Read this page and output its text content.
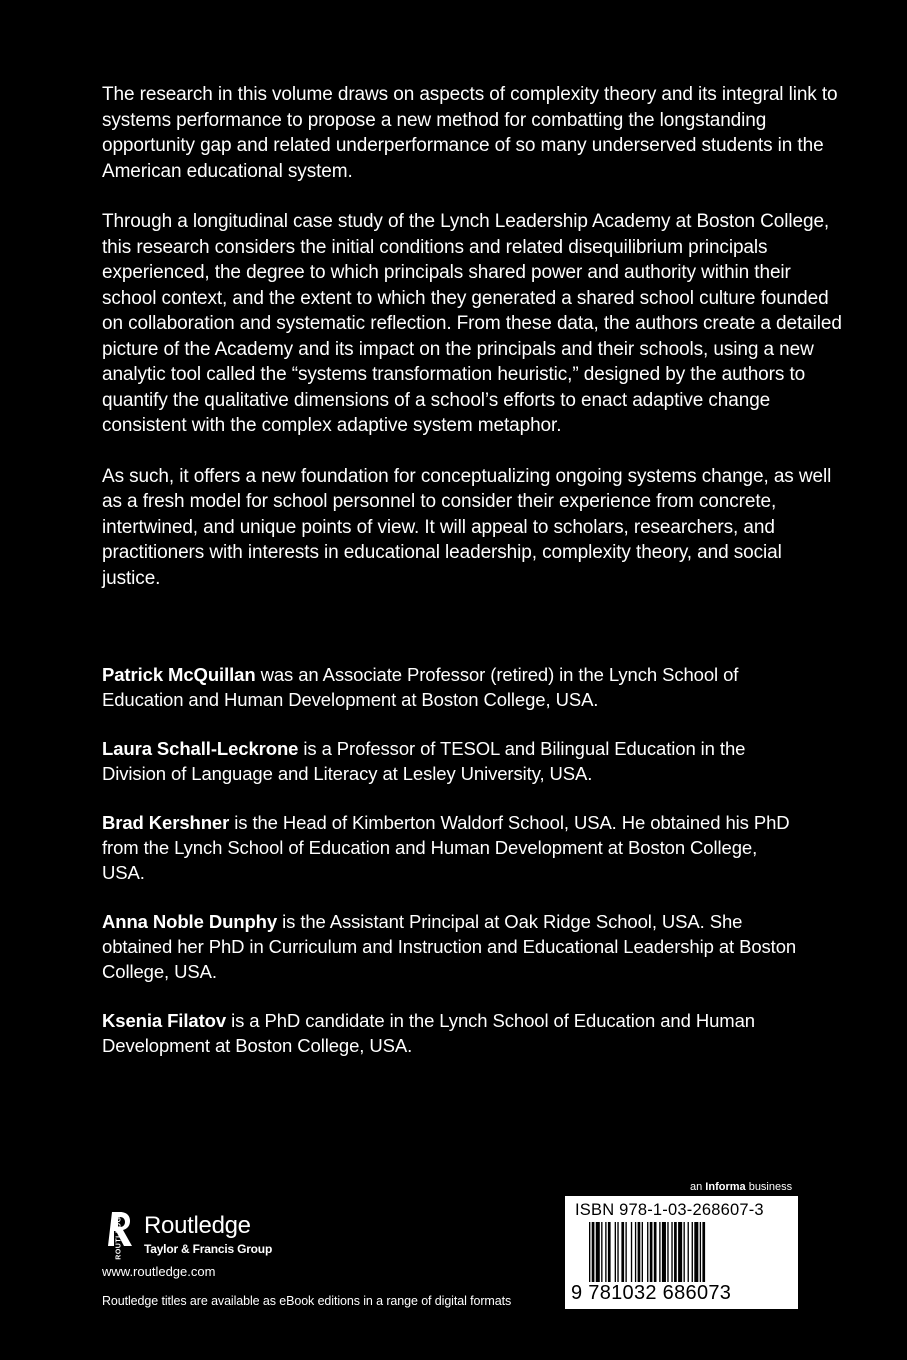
The research in this volume draws on aspects of complexity theory and its integral link to systems performance to propose a new method for combatting the longstanding opportunity gap and related underperformance of so many underserved students in the American educational system.

Through a longitudinal case study of the Lynch Leadership Academy at Boston College, this research considers the initial conditions and related disequilibrium principals experienced, the degree to which principals shared power and authority within their school context, and the extent to which they generated a shared school culture founded on collaboration and systematic reflection. From these data, the authors create a detailed picture of the Academy and its impact on the principals and their schools, using a new analytic tool called the “systems transformation heuristic,” designed by the authors to quantify the qualitative dimensions of a school’s efforts to enact adaptive change consistent with the complex adaptive system metaphor.

As such, it offers a new foundation for conceptualizing ongoing systems change, as well as a fresh model for school personnel to consider their experience from concrete, intertwined, and unique points of view. It will appeal to scholars, researchers, and practitioners with interests in educational leadership, complexity theory, and social justice.

Patrick McQuillan was an Associate Professor (retired) in the Lynch School of Education and Human Development at Boston College, USA.

Laura Schall-Leckrone is a Professor of TESOL and Bilingual Education in the Division of Language and Literacy at Lesley University, USA.

Brad Kershner is the Head of Kimberton Waldorf School, USA. He obtained his PhD from the Lynch School of Education and Human Development at Boston College, USA.

Anna Noble Dunphy is the Assistant Principal at Oak Ridge School, USA. She obtained her PhD in Curriculum and Instruction and Educational Leadership at Boston College, USA.

Ksenia Filatov is a PhD candidate in the Lynch School of Education and Human Development at Boston College, USA.

ROUTLEDGE Routledge
Taylor & Francis Group
www.routledge.com
Routledge titles are available as eBook editions in a range of digital formats
an Informa business
ISBN 978-1-03-268607-3
9 781032 686073
